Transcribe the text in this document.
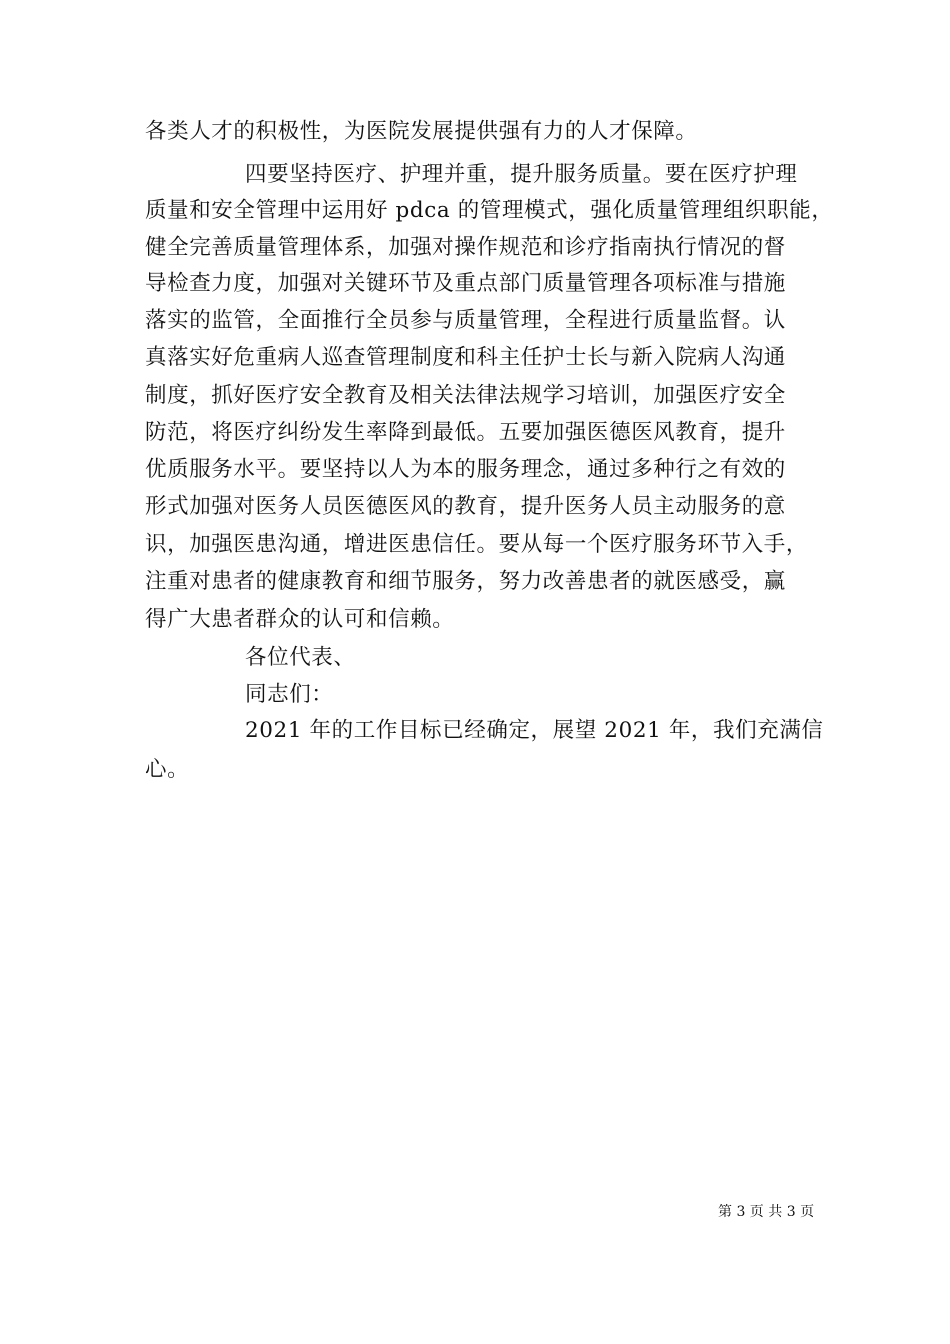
各类人才的积极性，为医院发展提供强有力的人才保障。
四要坚持医疗、护理并重，提升服务质量。要在医疗护理
质量和安全管理中运用好 pdca 的管理模式，强化质量管理组织职能，
健全完善质量管理体系，加强对操作规范和诊疗指南执行情况的督
导检查力度，加强对关键环节及重点部门质量管理各项标准与措施
落实的监管，全面推行全员参与质量管理，全程进行质量监督。认
真落实好危重病人巡查管理制度和科主任护士长与新入院病人沟通
制度，抓好医疗安全教育及相关法律法规学习培训，加强医疗安全
防范，将医疗纠纷发生率降到最低。五要加强医德医风教育，提升
优质服务水平。要坚持以人为本的服务理念，通过多种行之有效的
形式加强对医务人员医德医风的教育，提升医务人员主动服务的意
识，加强医患沟通，增进医患信任。要从每一个医疗服务环节入手，
注重对患者的健康教育和细节服务，努力改善患者的就医感受，赢
得广大患者群众的认可和信赖。
各位代表、
同志们：
2021 年的工作目标已经确定，展望 2021 年，我们充满信
心。
第 3 页 共 3 页
